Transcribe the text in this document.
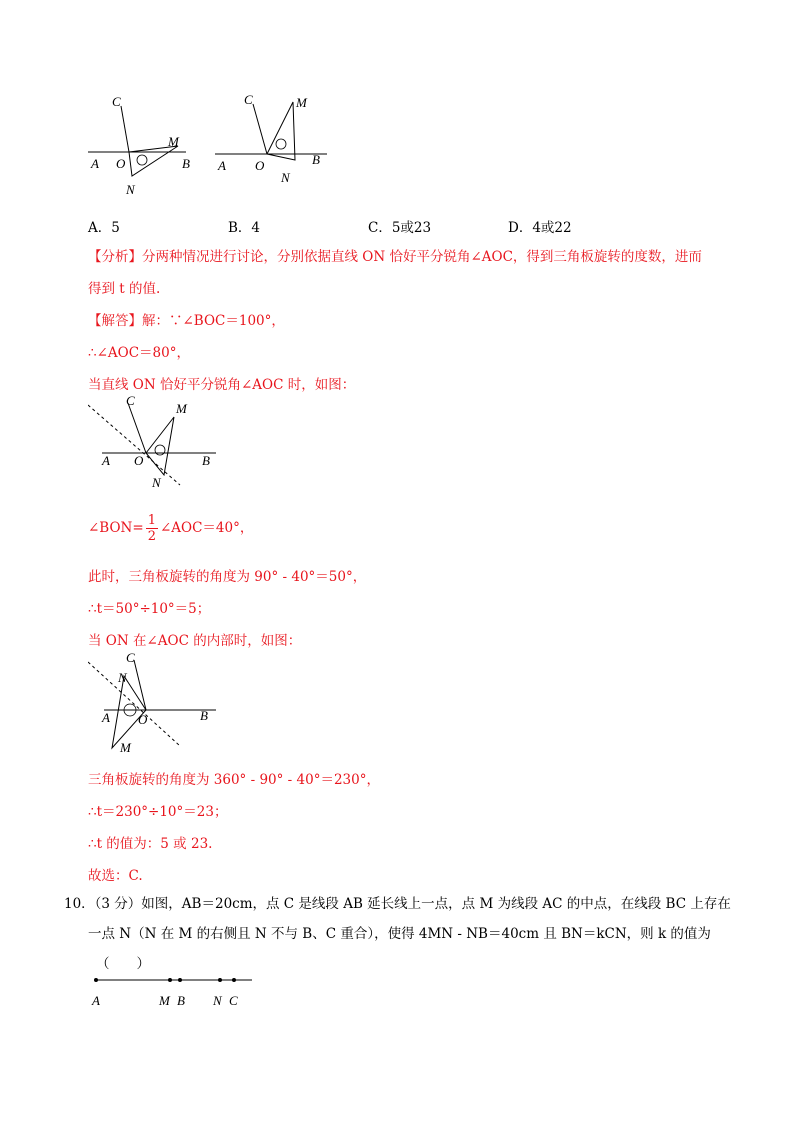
C
M
A O	B
N
C	M
A O	B
N
A．5	B．4	C．5或23	D．4或22
【分析】分两种情况进行讨论，分别依据直线 ON 恰好平分锐角∠AOC，得到三角板旋转的度数，进而
得到 t 的值.
【解答】解：∵∠BOC＝100°，
∴∠AOC＝80°，
当直线 ON 恰好平分锐角∠AOC 时，如图：
C
M
A O	B
N
∠BON= $\frac{1}{2}$ ∠AOC＝40°，
此时，三角板旋转的角度为 90° - 40°＝50°，
∴t＝50°÷10°＝5；
当 ON 在∠AOC 的内部时，如图：
C
N
A O	B
M
三角板旋转的角度为 360° - 90° - 40°＝230°，
∴t＝230°÷10°＝23；
∴t 的值为：5 或 23.
故选：C.
10．（3 分）如图，AB＝20cm，点 C 是线段 AB 延长线上一点，点 M 为线段 AC 的中点，在线段 BC 上存在
一点 N（N 在 M 的右侧且 N 不与 B、C 重合），使得 4MN - NB＝40cm 且 BN＝kCN，则 k 的值为
（　　）
A	M B N C
